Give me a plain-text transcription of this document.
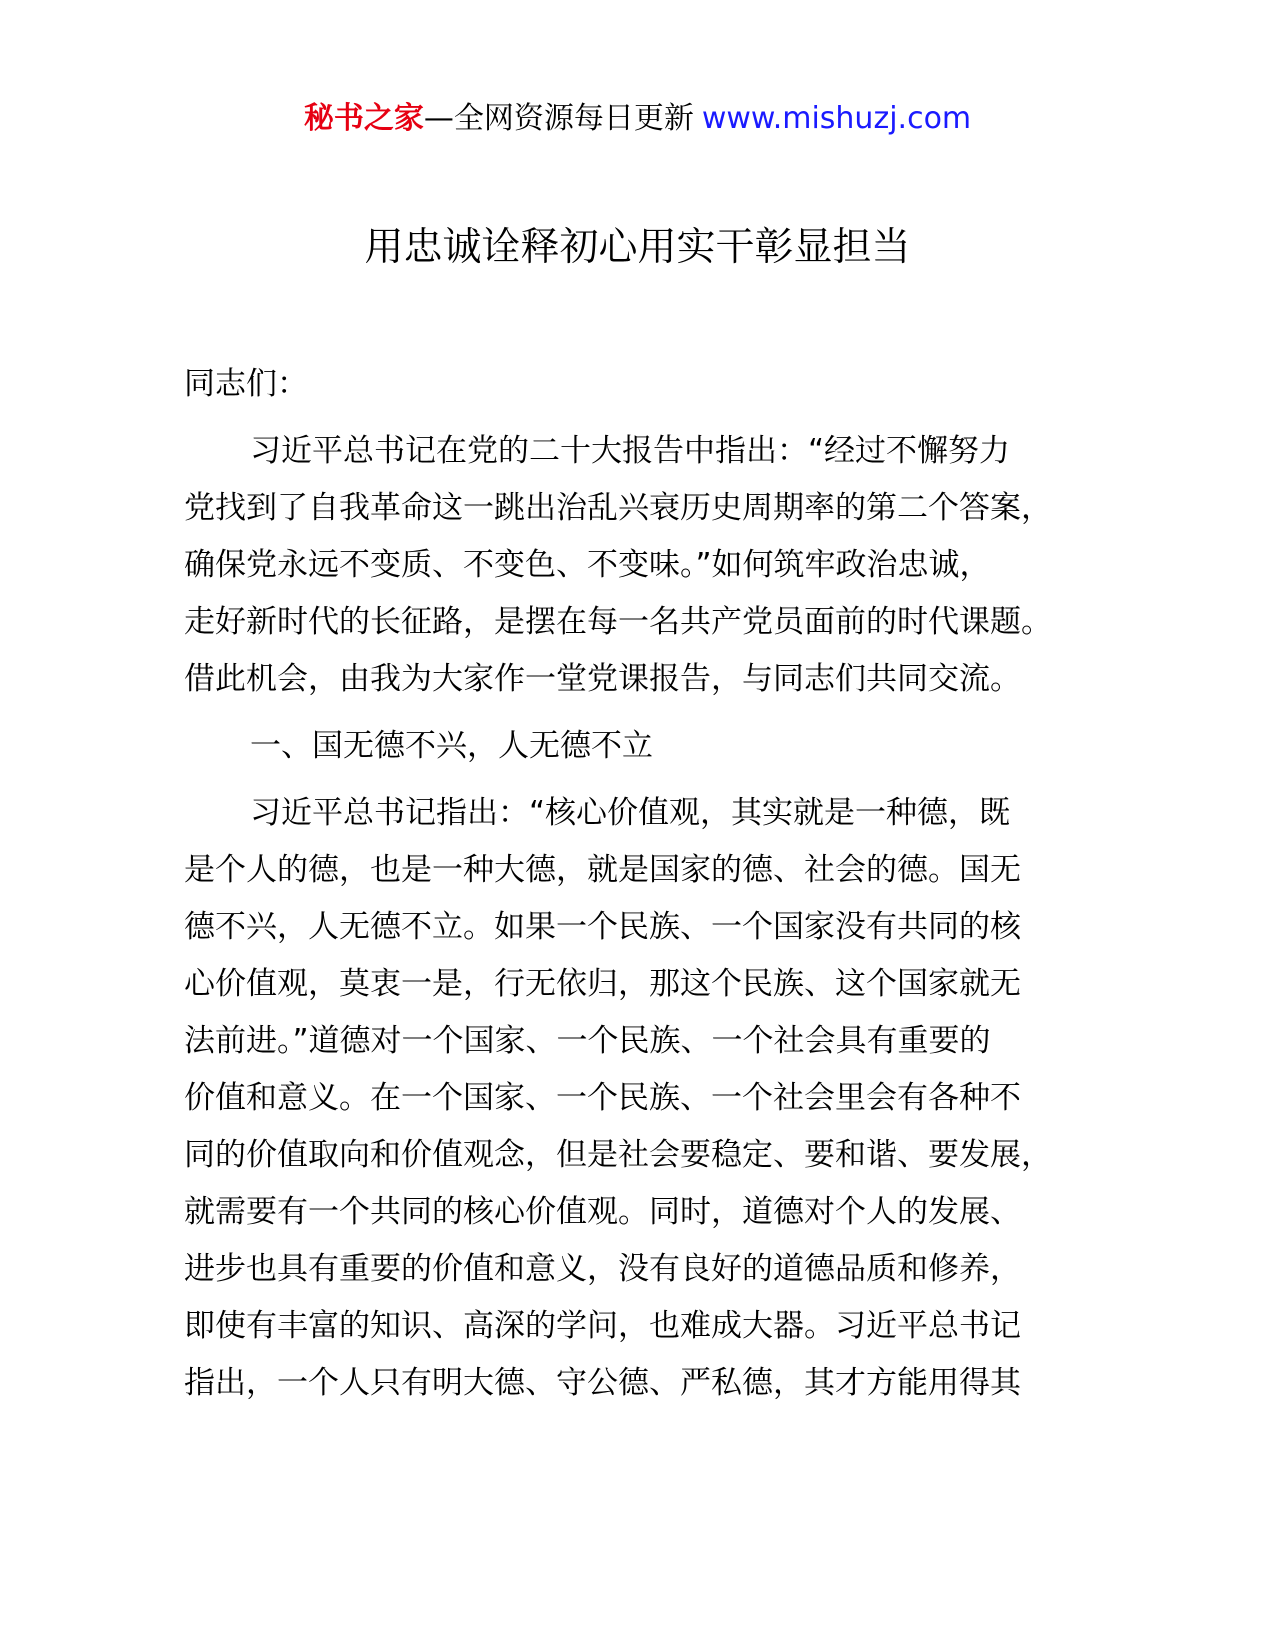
秘书之家—全网资源每日更新 www.mishuzj.com
用忠诚诠释初心用实干彰显担当
同志们：
习近平总书记在党的二十大报告中指出：“经过不懈努力
党找到了自我革命这一跳出治乱兴衰历史周期率的第二个答案，
确保党永远不变质、不变色、不变味。”如何筑牢政治忠诚，
走好新时代的长征路，是摆在每一名共产党员面前的时代课题。
借此机会，由我为大家作一堂党课报告，与同志们共同交流。
一、国无德不兴，人无德不立
习近平总书记指出：“核心价值观，其实就是一种德，既
是个人的德，也是一种大德，就是国家的德、社会的德。国无
德不兴，人无德不立。如果一个民族、一个国家没有共同的核
心价值观，莫衷一是，行无依归，那这个民族、这个国家就无
法前进。”道德对一个国家、一个民族、一个社会具有重要的
价值和意义。在一个国家、一个民族、一个社会里会有各种不
同的价值取向和价值观念，但是社会要稳定、要和谐、要发展，
就需要有一个共同的核心价值观。同时，道德对个人的发展、
进步也具有重要的价值和意义，没有良好的道德品质和修养，
即使有丰富的知识、高深的学问，也难成大器。习近平总书记
指出，一个人只有明大德、守公德、严私德，其才方能用得其
